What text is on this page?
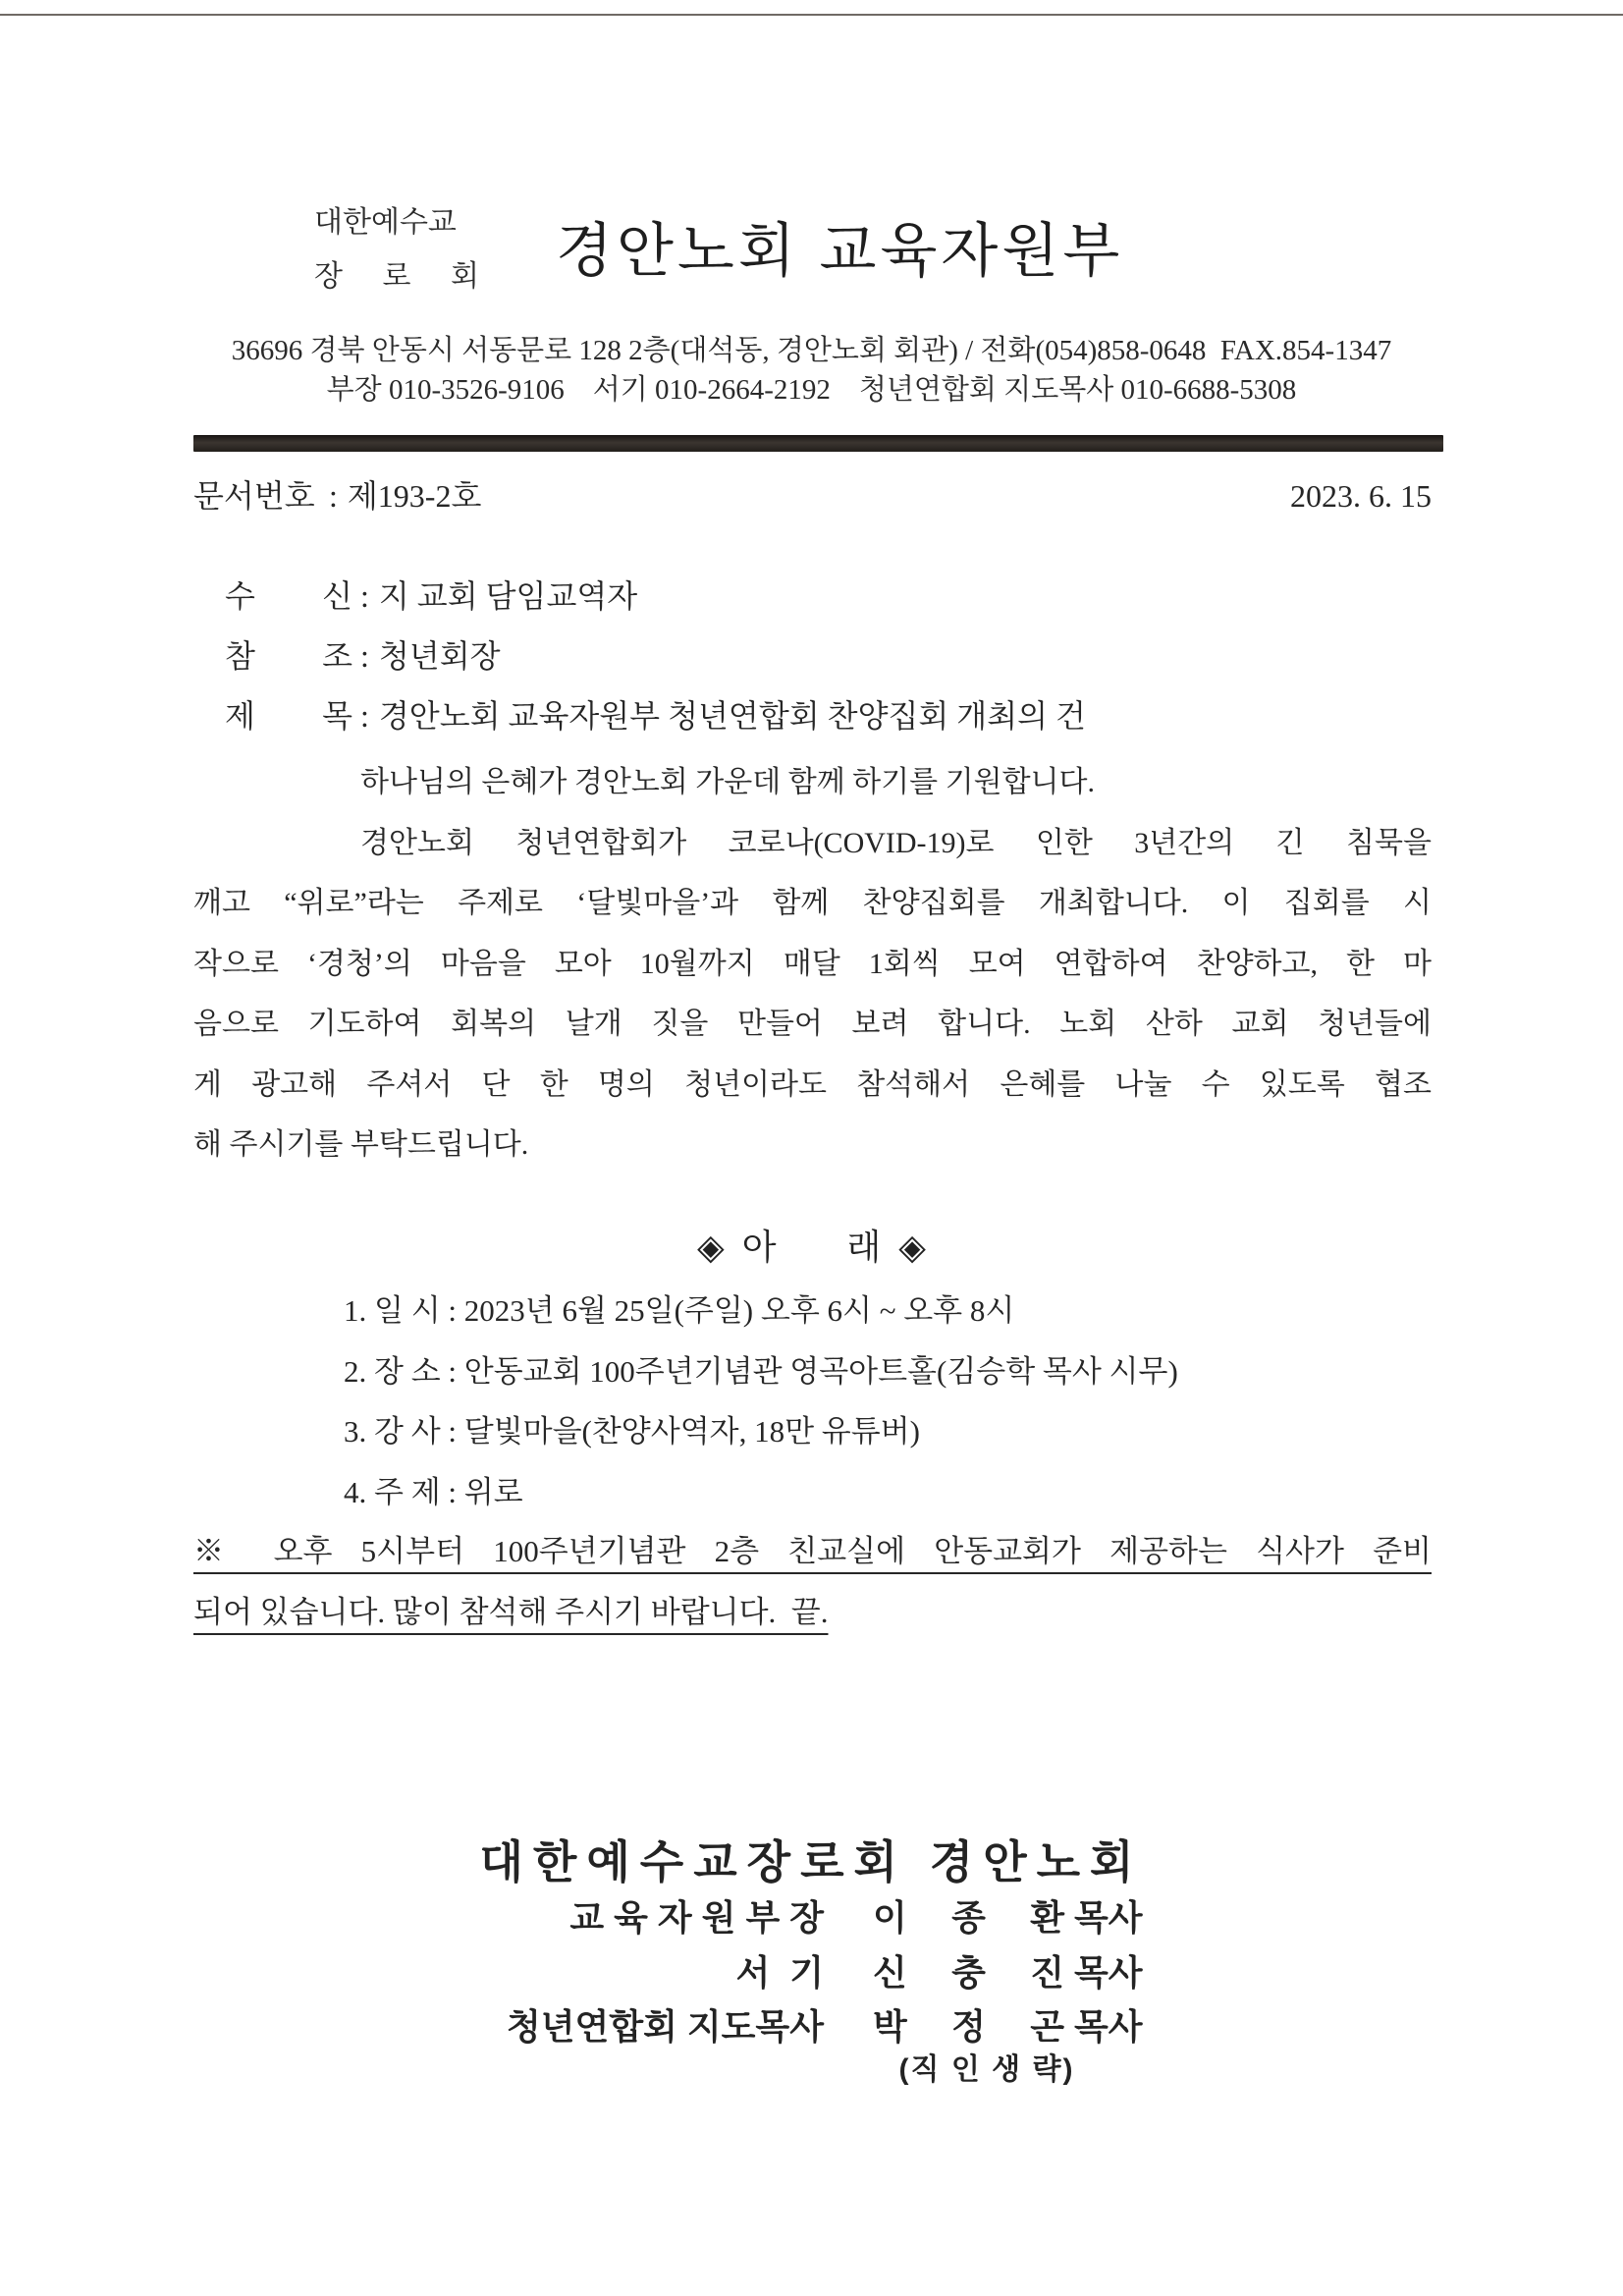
대한예수교
장 로 회 경안노회 교육자원부
36696 경북 안동시 서동문로 128 2층(대석동, 경안노회 회관) / 전화(054)858-0648  FAX.854-1347
부장 010-3526-9106    서기 010-2664-2192    청년연합회 지도목사 010-6688-5308
문서번호 : 제193-2호	2023. 6. 15

수 신 : 지 교회 담임교역자

참 조 : 청년회장

제 목 : 경안노회 교육자원부 청년연합회 찬양집회 개최의 건

하나님의 은혜가 경안노회 가운데 함께 하기를 기원합니다.
경안노회 청년연합회가 코로나(COVID-19)로 인한 3년간의 긴 침묵을
깨고 “위로”라는 주제로 ‘달빛마을’과 함께 찬양집회를 개최합니다. 이 집회를 시
작으로 ‘경청’의 마음을 모아 10월까지 매달 1회씩 모여 연합하여 찬양하고, 한 마
음으로 기도하여 회복의 날개 짓을 만들어 보려 합니다. 노회 산하 교회 청년들에
게 광고해 주셔서 단 한 명의 청년이라도 참석해서 은혜를 나눌 수 있도록 협조
해 주시기를 부탁드립니다.
◈  아        래  ◈
1. 일 시 : 2023년 6월 25일(주일) 오후 6시 ~ 오후 8시
2. 장 소 : 안동교회 100주년기념관 영곡아트홀(김승학 목사 시무)
3. 강 사 : 달빛마을(찬양사역자, 18만 유튜버)
4. 주 제 : 위로
※ 오후 5시부터 100주년기념관 2층 친교실에 안동교회가 제공하는 식사가 준비
되어 있습니다. 많이 참석해 주시기 바랍니다.  끝.
대한예수교장로회 경안노회
교 육 자 원 부 장 이 종 환 목사
서  기 신 충 진 목사
청년연합회 지도목사 박 정 곤 목사
(직 인 생 략)
